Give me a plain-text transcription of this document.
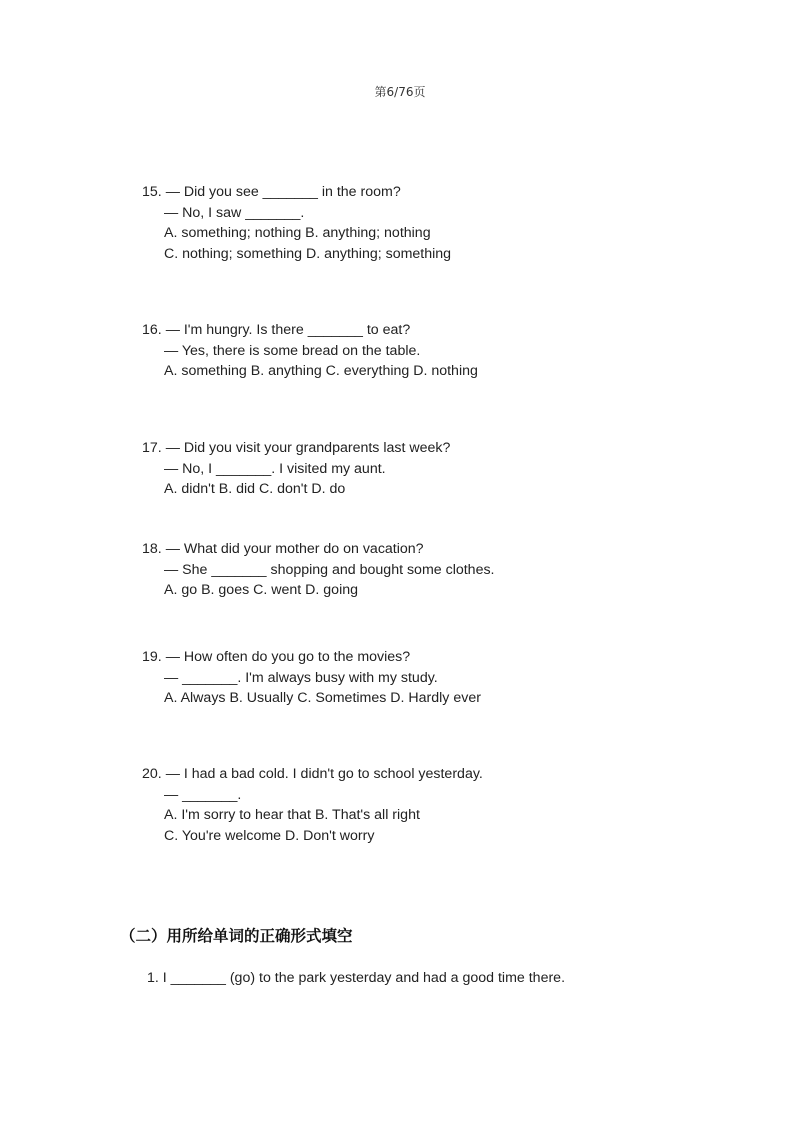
第6/76页
15. — Did you see _______ in the room?
— No, I saw _______.
A. something; nothing B. anything; nothing
C. nothing; something D. anything; something
16. — I'm hungry. Is there _______ to eat?
— Yes, there is some bread on the table.
A. something B. anything C. everything D. nothing
17. — Did you visit your grandparents last week?
— No, I _______. I visited my aunt.
A. didn't B. did C. don't D. do
18. — What did your mother do on vacation?
— She _______ shopping and bought some clothes.
A. go B. goes C. went D. going
19. — How often do you go to the movies?
— _______. I'm always busy with my study.
A. Always B. Usually C. Sometimes D. Hardly ever
20. — I had a bad cold. I didn't go to school yesterday.
— _______.
A. I'm sorry to hear that B. That's all right
C. You're welcome D. Don't worry
（二）用所给单词的正确形式填空
1. I _______ (go) to the park yesterday and had a good time there.
